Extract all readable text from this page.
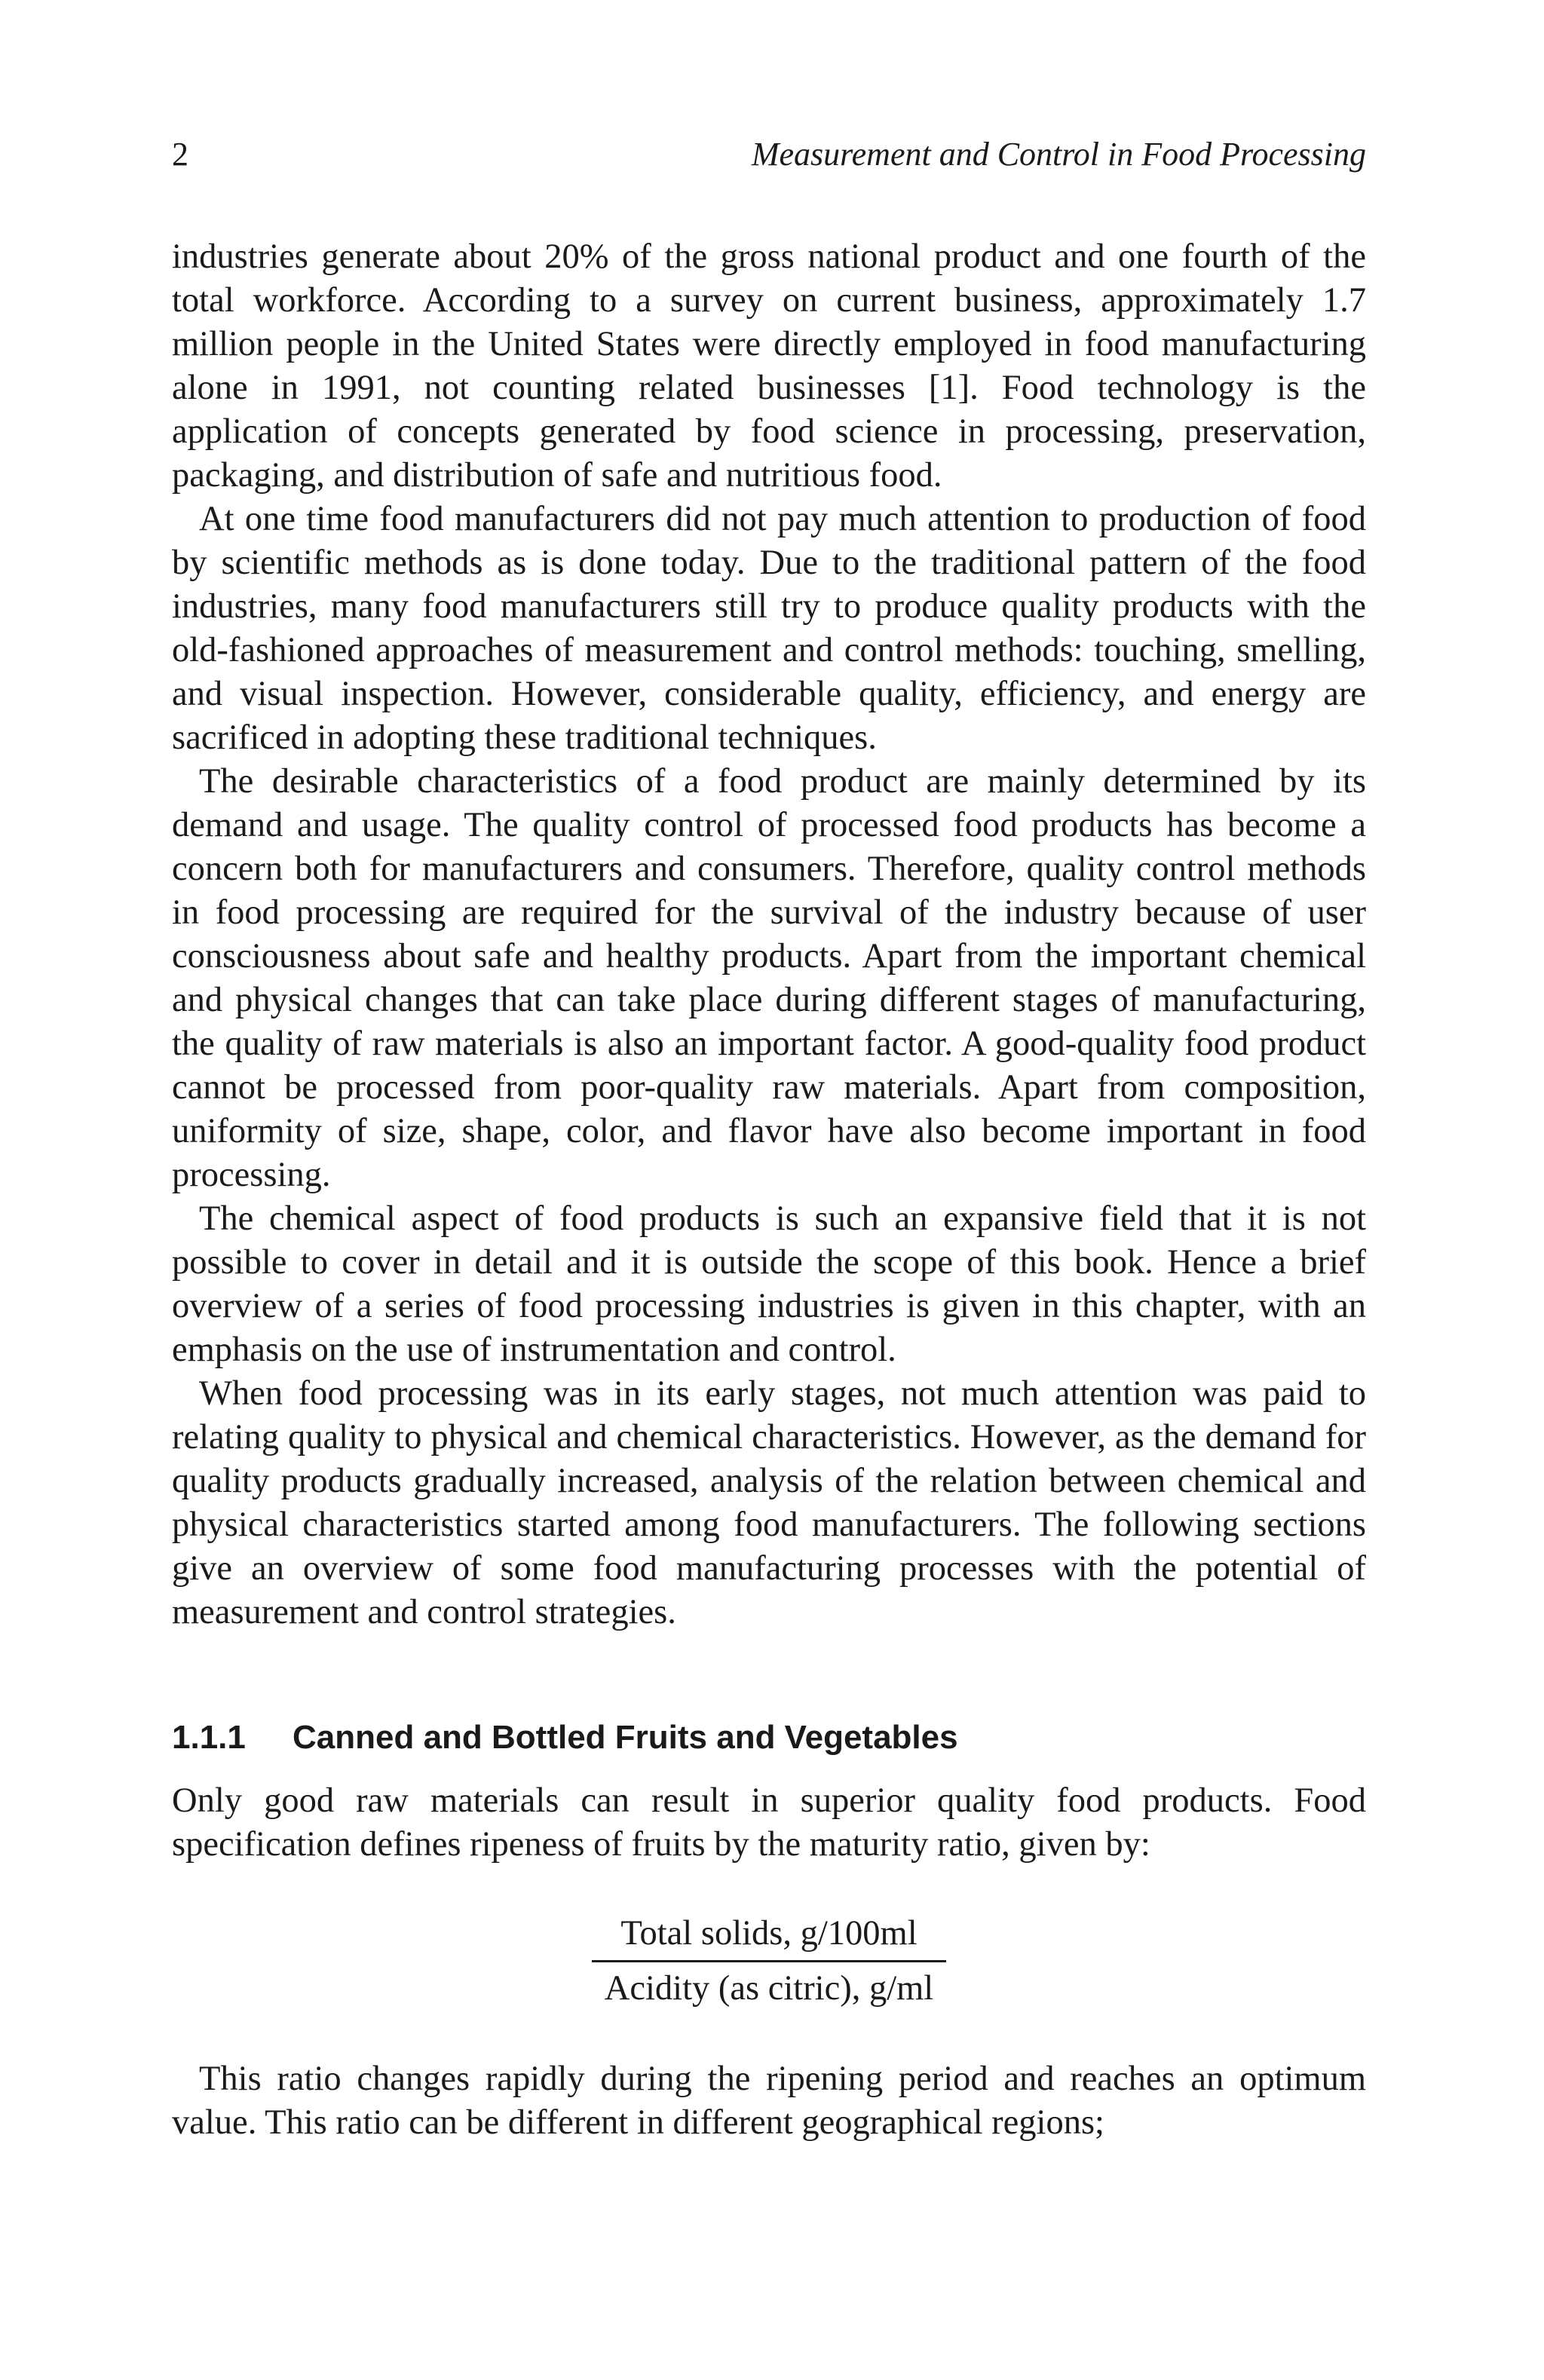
2	Measurement and Control in Food Processing

industries generate about 20% of the gross national product and one fourth of the total workforce. According to a survey on current business, approximately 1.7 million people in the United States were directly employed in food manufacturing alone in 1991, not counting related businesses [1]. Food technology is the application of concepts generated by food science in processing, preservation, packaging, and distribution of safe and nutritious food.

At one time food manufacturers did not pay much attention to production of food by scientific methods as is done today. Due to the traditional pattern of the food industries, many food manufacturers still try to produce quality products with the old-fashioned approaches of measurement and control methods: touching, smelling, and visual inspection. However, considerable quality, efficiency, and energy are sacrificed in adopting these traditional techniques.

The desirable characteristics of a food product are mainly determined by its demand and usage. The quality control of processed food products has become a concern both for manufacturers and consumers. Therefore, quality control methods in food processing are required for the survival of the industry because of user consciousness about safe and healthy products. Apart from the important chemical and physical changes that can take place during different stages of manufacturing, the quality of raw materials is also an important factor. A good-quality food product cannot be processed from poor-quality raw materials. Apart from composition, uniformity of size, shape, color, and flavor have also become important in food processing.

The chemical aspect of food products is such an expansive field that it is not possible to cover in detail and it is outside the scope of this book. Hence a brief overview of a series of food processing industries is given in this chapter, with an emphasis on the use of instrumentation and control.

When food processing was in its early stages, not much attention was paid to relating quality to physical and chemical characteristics. However, as the demand for quality products gradually increased, analysis of the relation between chemical and physical characteristics started among food manufacturers. The following sections give an overview of some food manufacturing processes with the potential of measurement and control strategies.

1.1.1 Canned and Bottled Fruits and Vegetables

Only good raw materials can result in superior quality food products. Food specification defines ripeness of fruits by the maturity ratio, given by:

Total solids, g/100ml
Acidity (as citric), g/ml

This ratio changes rapidly during the ripening period and reaches an optimum value. This ratio can be different in different geographical regions;
